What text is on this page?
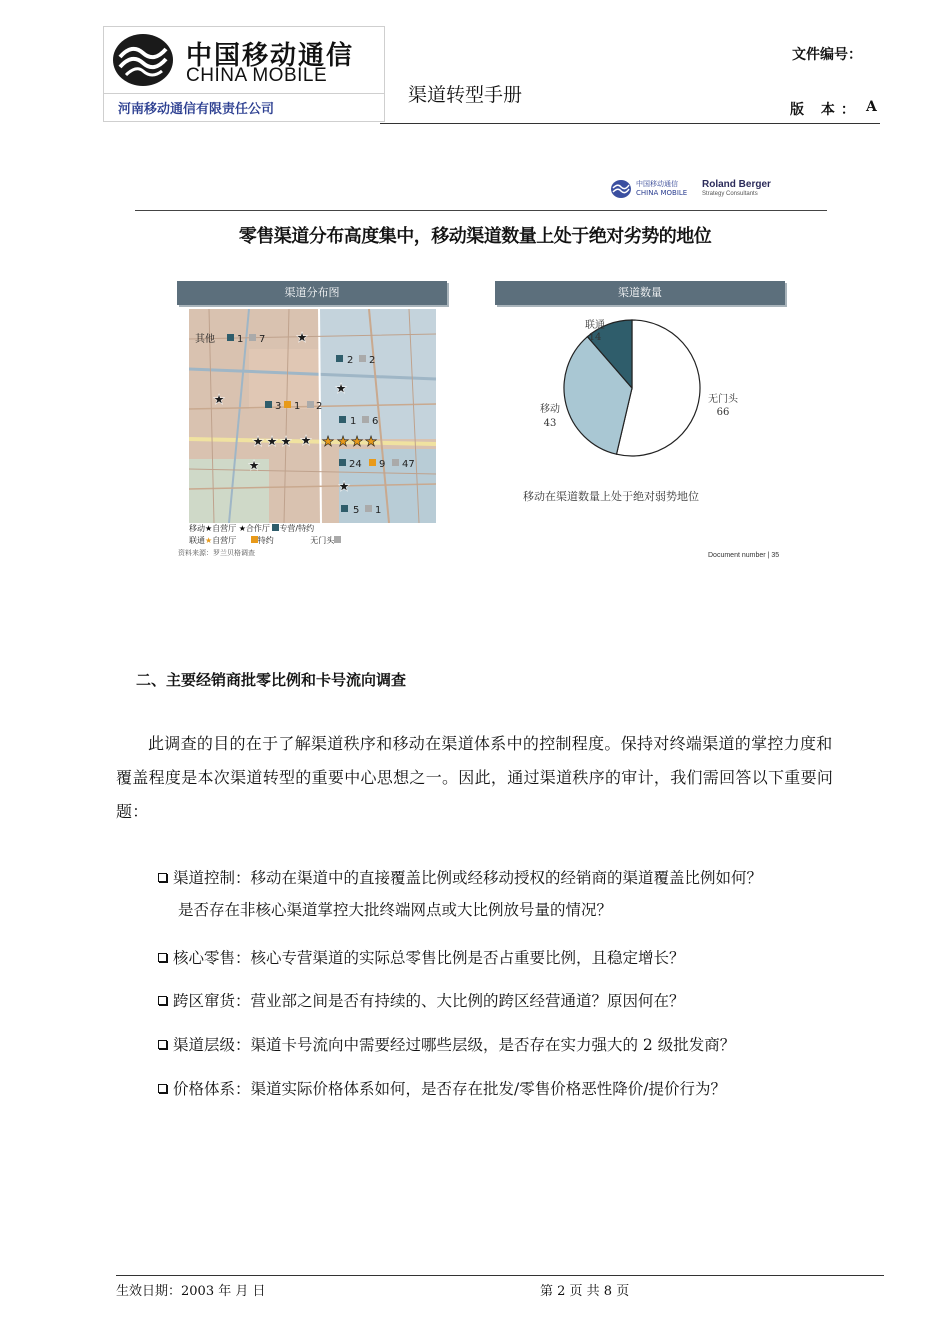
中国移动通信
CHINA MOBILE
河南移动通信有限责任公司
渠道转型手册
文件编号：
版 本： A
中国移动通信
CHINA MOBILE
Roland Berger
Strategy Consultants
零售渠道分布高度集中，移动渠道数量上处于绝对劣势的地位
渠道分布图	渠道数量
★
★
★
★ ★ ★ ★
★
★
★ ★ ★ ★
其他 1 7
2 2
3 1 2
1 6
24 9 47
5 1
移动★自营厅 ★合作厅 专营/特约
联通★自营厅	特约	无门头
资料来源：罗兰贝格调查
联通
14
无门头
66
移动
43
移动在渠道数量上处于绝对弱势地位
Document number | 35
二、主要经销商批零比例和卡号流向调查
此调查的目的在于了解渠道秩序和移动在渠道体系中的控制程度。保持对终端渠道的掌控力度和覆盖程度是本次渠道转型的重要中心思想之一。因此，通过渠道秩序的审计，我们需回答以下重要问题：
渠道控制：移动在渠道中的直接覆盖比例或经移动授权的经销商的渠道覆盖比例如何？
是否存在非核心渠道掌控大批终端网点或大比例放号量的情况？
核心零售：核心专营渠道的实际总零售比例是否占重要比例，且稳定增长？
跨区窜货：营业部之间是否有持续的、大比例的跨区经营通道？原因何在？
渠道层级：渠道卡号流向中需要经过哪些层级，是否存在实力强大的 2 级批发商？
价格体系：渠道实际价格体系如何，是否存在批发/零售价格恶性降价/提价行为？
生效日期：2003 年 月 日	第 2 页 共 8 页
